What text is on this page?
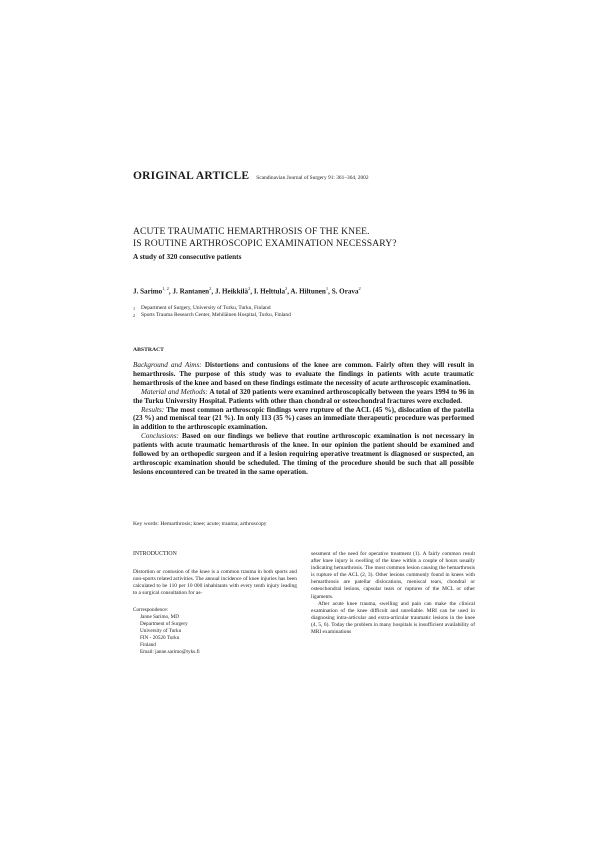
ORIGINAL ARTICLE Scandinavian Journal of Surgery 91: 361–364, 2002
ACUTE TRAUMATIC HEMARTHROSIS OF THE KNEE.
IS ROUTINE ARTHROSCOPIC EXAMINATION NECESSARY?
A study of 320 consecutive patients
J. Sarimo$^{1, 2}$, J. Rantanen$^2$, J. Heikkilä$^2$, I. Helttula$^2$, A. Hiltunen$^1$, S. Orava$^2$
1 Department of Surgery, University of Turku, Turku, Finland
2 Sports Trauma Research Center, Mehiläinen Hospital, Turku, Finland
ABSTRACT

Background and Aims: Distortions and contusions of the knee are common. Fairly often they will result in hemarthrosis. The purpose of this study was to evaluate the findings in patients with acute traumatic hemarthrosis of the knee and based on these findings estimate the necessity of acute arthroscopic examination.

Material and Methods: A total of 320 patients were examined arthroscopically between the years 1994 to 96 in the Turku University Hospital. Patients with other than chondral or osteochondral fractures were excluded.

Results: The most common arthroscopic findings were rupture of the ACL (45 %), dislocation of the patella (23 %) and meniscal tear (21 %). In only 113 (35 %) cases an immediate therapeutic procedure was performed in addition to the arthroscopic examination.

Conclusions: Based on our findings we believe that routine arthroscopic examination is not necessary in patients with acute traumatic hemarthrosis of the knee. In our opinion the patient should be examined and followed by an orthopedic surgeon and if a lesion requiring operative treatment is diagnosed or suspected, an arthroscopic examination should be scheduled. The timing of the procedure should be such that all possible lesions encountered can be treated in the same operation.

Key words: Hemarthrosis; knee; acute; trauma; arthroscopy
INTRODUCTION

Distortion or contusion of the knee is a common trauma in both sports and non-sports related activities. The annual incidence of knee injuries has been calculated to be 110 per 10 000 inhabitants with every tenth injury leading to a surgical consultation for as-

Correspondence:
Janne Sarimo, MD
Department of Surgery
University of Turku
FIN - 20520 Turku
Finland
Email: janne.sarimo@tyks.fi

sessment of the need for operative treatment (1). A fairly common result after knee injury is swelling of the knee within a couple of hours usually indicating hemarthrosis. The most common lesion causing the hemarthrosis is rupture of the ACL (2, 3). Other lesions commonly found in knees with hemarthrosis are patellar dislocations, meniscal tears, chondral or osteochondral lesions, capsular tears or ruptures of the MCL or other ligaments.

After acute knee trauma, swelling and pain can make the clinical examination of the knee difficult and unreliable. MRI can be used in diagnosing intra-articular and extra-articular traumatic lesions in the knee (4, 5, 6). Today the problem in many hospitals is insufficient availability of MRI examinations
